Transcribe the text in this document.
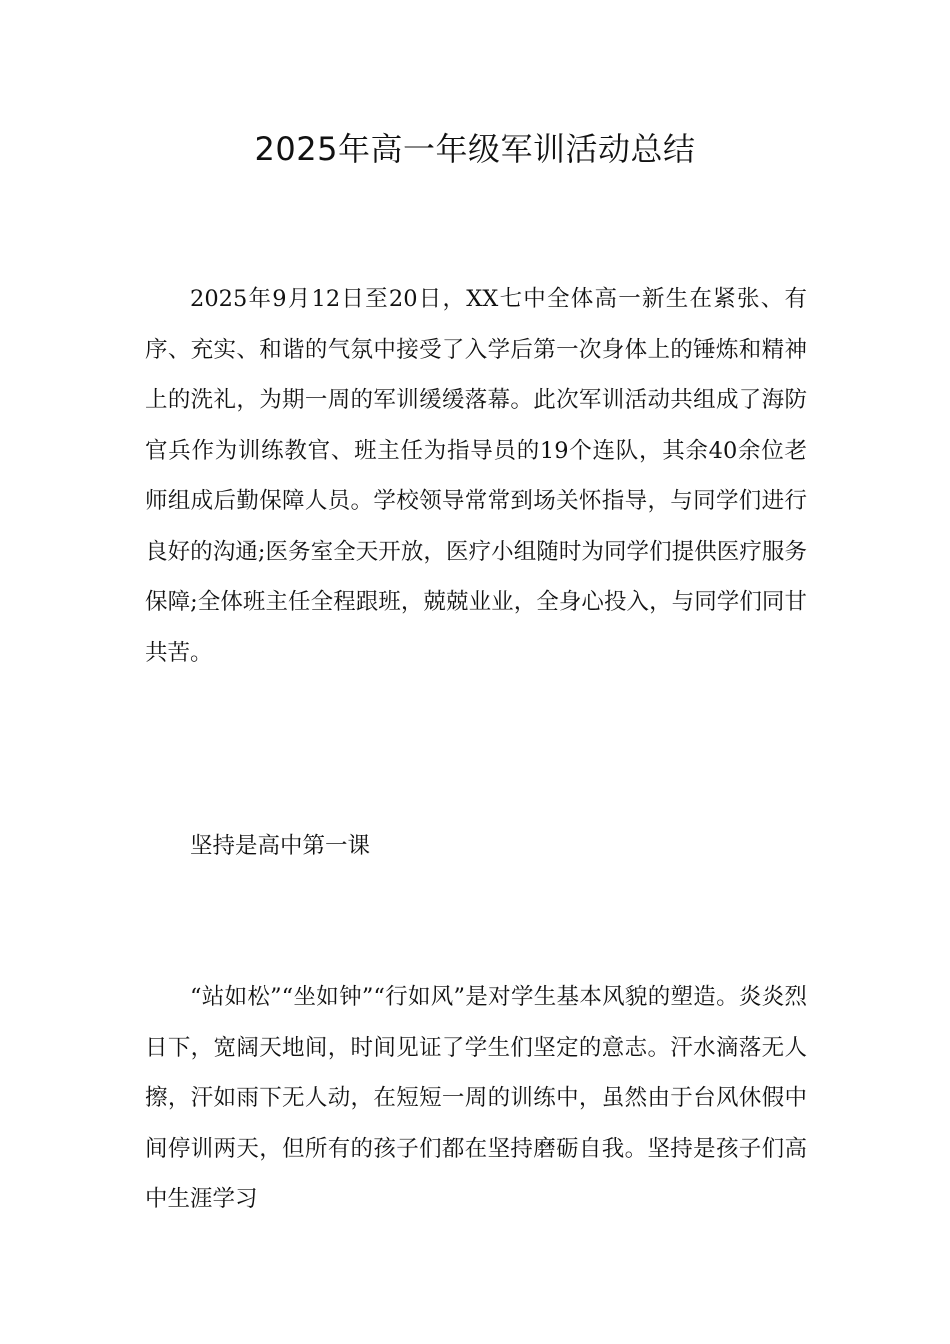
2025年高一年级军训活动总结

2025年9月12日至20日，XX七中全体高一新生在紧张、有序、充实、和谐的气氛中接受了入学后第一次身体上的锤炼和精神上的洗礼，为期一周的军训缓缓落幕。此次军训活动共组成了海防官兵作为训练教官、班主任为指导员的19个连队，其余40余位老师组成后勤保障人员。学校领导常常到场关怀指导，与同学们进行良好的沟通;医务室全天开放，医疗小组随时为同学们提供医疗服务保障;全体班主任全程跟班，兢兢业业，全身心投入，与同学们同甘共苦。

坚持是高中第一课

“站如松”“坐如钟”“行如风”是对学生基本风貌的塑造。炎炎烈日下，宽阔天地间，时间见证了学生们坚定的意志。汗水滴落无人擦，汗如雨下无人动，在短短一周的训练中，虽然由于台风休假中间停训两天，但所有的孩子们都在坚持磨砺自我。坚持是孩子们高中生涯学习
